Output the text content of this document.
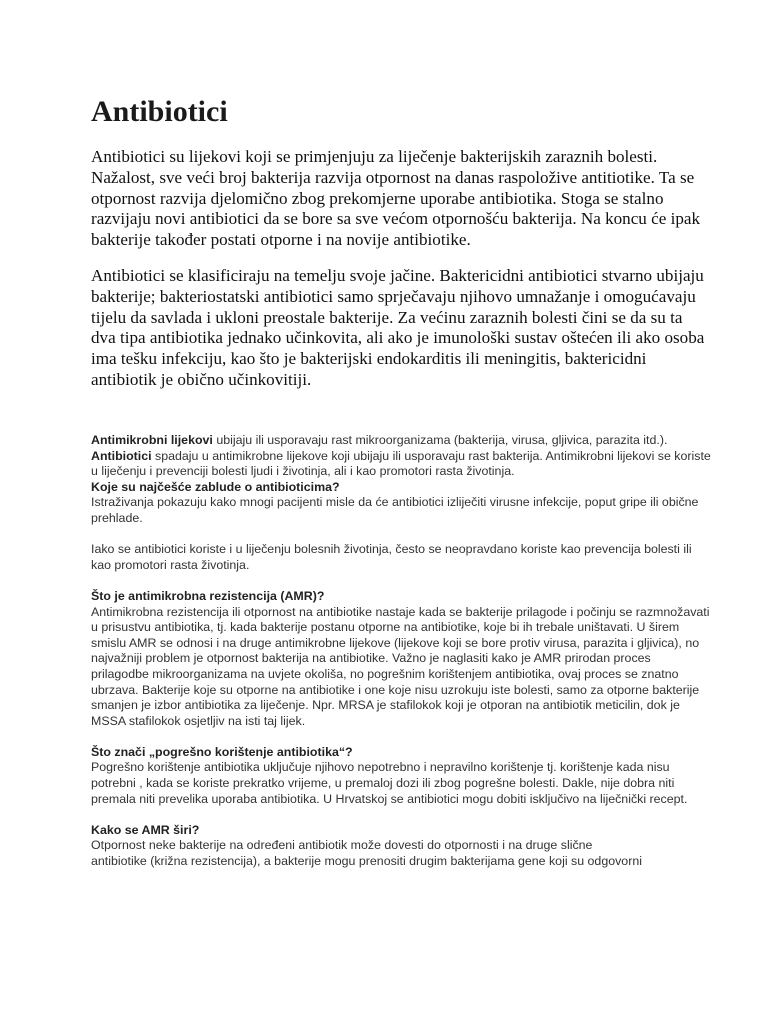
Antibiotici

Antibiotici su lijekovi koji se primjenjuju za liječenje bakterijskih zaraznih bolesti. Nažalost, sve veći broj bakterija razvija otpornost na danas raspoložive antitiotike. Ta se otpornost razvija djelomično zbog prekomjerne uporabe antibiotika. Stoga se stalno razvijaju novi antibiotici da se bore sa sve većom otpornošću bakterija. Na koncu će ipak bakterije također postati otporne i na novije antibiotike.

Antibiotici se klasificiraju na temelju svoje jačine. Baktericidni antibiotici stvarno ubijaju bakterije; bakteriostatski antibiotici samo sprječavaju njihovo umnažanje i omogućavaju tijelu da savlada i ukloni preostale bakterije. Za većinu zaraznih bolesti čini se da su ta dva tipa antibiotika jednako učinkovita, ali ako je imunološki sustav oštećen ili ako osoba ima tešku infekciju, kao što je bakterijski endokarditis ili meningitis, baktericidni antibiotik je obično učinkovitiji.

Antimikrobni lijekovi ubijaju ili usporavaju rast mikroorganizama (bakterija, virusa, gljivica, parazita itd.). Antibiotici spadaju u antimikrobne lijekove koji ubijaju ili usporavaju rast bakterija. Antimikrobni lijekovi se koriste u liječenju i prevenciji bolesti ljudi i životinja, ali i kao promotori rasta životinja.

Koje su najčešće zablude o antibioticima?

Istraživanja pokazuju kako mnogi pacijenti misle da će antibiotici izliječiti virusne infekcije, poput gripe ili obične prehlade.

Iako se antibiotici koriste i u liječenju bolesnih životinja, često se neopravdano koriste kao prevencija bolesti ili kao promotori rasta životinja.

Što je antimikrobna rezistencija (AMR)?

Antimikrobna rezistencija ili otpornost na antibiotike nastaje kada se bakterije prilagode i počinju se razmnožavati u prisustvu antibiotika, tj. kada bakterije postanu otporne na antibiotike, koje bi ih trebale uništavati. U širem smislu AMR se odnosi i na druge antimikrobne lijekove (lijekove koji se bore protiv virusa, parazita i gljivica), no najvažniji problem je otpornost bakterija na antibiotike. Važno je naglasiti kako je AMR prirodan proces prilagodbe mikroorganizama na uvjete okoliša, no pogrešnim korištenjem antibiotika, ovaj proces se znatno ubrzava. Bakterije koje su otporne na antibiotike i one koje nisu uzrokuju iste bolesti, samo za otporne bakterije smanjen je izbor antibiotika za liječenje. Npr. MRSA je stafilokok koji je otporan na antibiotik meticilin, dok je MSSA stafilokok osjetljiv na isti taj lijek.

Što znači „pogrešno korištenje antibiotika“?

Pogrešno korištenje antibiotika uključuje njihovo nepotrebno i nepravilno korištenje tj. korištenje kada nisu potrebni , kada se koriste prekratko vrijeme, u premaloj dozi ili zbog pogrešne bolesti. Dakle, nije dobra niti premala niti prevelika uporaba antibiotika. U Hrvatskoj se antibiotici mogu dobiti isključivo na liječnički recept.

Kako se AMR širi?

Otpornost neke bakterije na određeni antibiotik može dovesti do otpornosti i na druge slične

antibiotike (križna rezistencija), a bakterije mogu prenositi drugim bakterijama gene koji su odgovorni
